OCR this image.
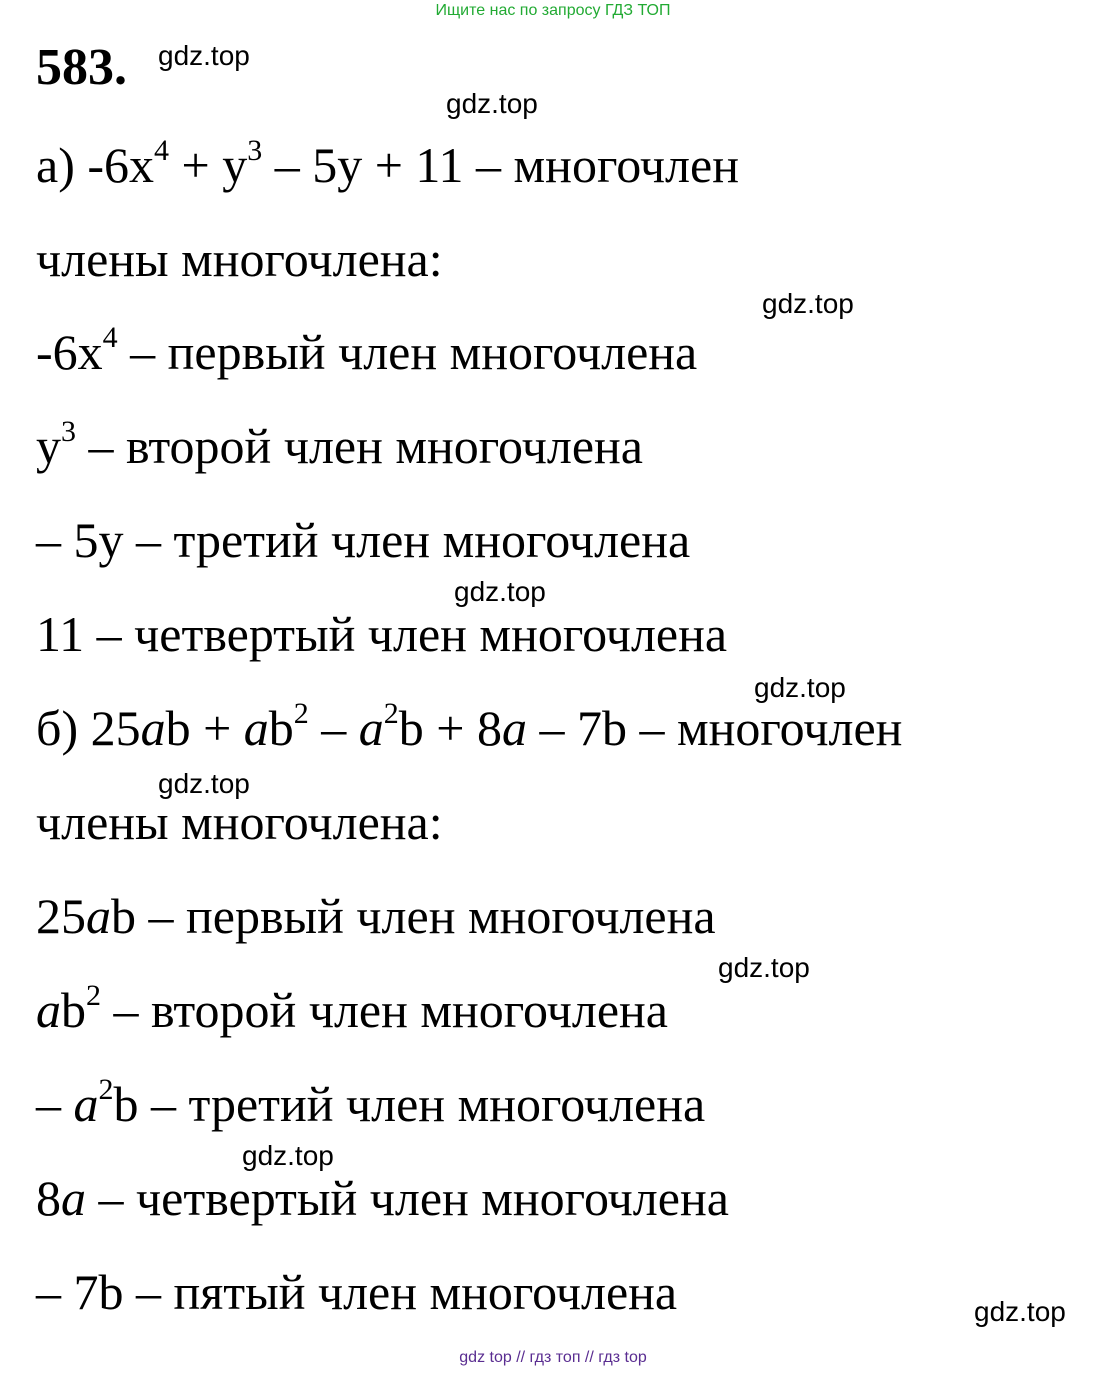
Ищите нас по запросу ГДЗ ТОП
583. gdz.top
gdz.top
gdz.top
gdz.top
gdz.top
gdz.top
gdz.top
gdz.top
gdz.top
а) $-6x^4 + y^3 - 5y + 11$ – многочлен
члены многочлена:
$-6x^4$ – первый член многочлена
$y^3$ – второй член многочлена
– 5y – третий член многочлена
11 – четвертый член многочлена
б) $25ab + ab^2 - a^2b + 8a - 7b$ – многочлен
члены многочлена:
25ab – первый член многочлена
$ab^2$ – второй член многочлена
– $a^2b$ – третий член многочлена
8a – четвертый член многочлена
– 7b – пятый член многочлена
gdz top // гдз топ // гдз top
